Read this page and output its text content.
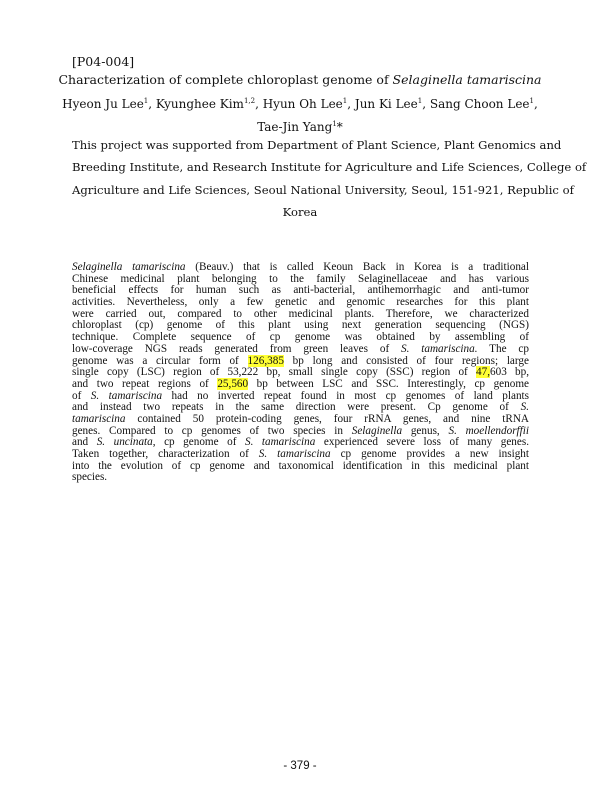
[P04-004]
Characterization of complete chloroplast genome of Selaginella tamariscina
Hyeon Ju Lee$^1$, Kyunghee Kim$^{1,2}$, Hyun Oh Lee$^1$, Jun Ki Lee$^1$, Sang Choon Lee$^1$,
Tae-Jin Yang$^1$*
This project was supported from Department of Plant Science, Plant Genomics and
Breeding Institute, and Research Institute for Agriculture and Life Sciences, College of
Agriculture and Life Sciences, Seoul National University, Seoul, 151-921, Republic of
Korea
Selaginella tamariscina (Beauv.) that is called Keoun Back in Korea is a traditional
Chinese medicinal plant belonging to the family Selaginellaceae and has various
beneficial effects for human such as anti-bacterial, antihemorrhagic and anti-tumor
activities. Nevertheless, only a few genetic and genomic researches for this plant
were carried out, compared to other medicinal plants. Therefore, we characterized
chloroplast (cp) genome of this plant using next generation sequencing (NGS)
technique. Complete sequence of cp genome was obtained by assembling of
low-coverage NGS reads generated from green leaves of S. tamariscina. The cp
genome was a circular form of 126,385 bp long and consisted of four regions; large
single copy (LSC) region of 53,222 bp, small single copy (SSC) region of 47,603 bp,
and two repeat regions of 25,560 bp between LSC and SSC. Interestingly, cp genome
of S. tamariscina had no inverted repeat found in most cp genomes of land plants
and instead two repeats in the same direction were present. Cp genome of S.
tamariscina contained 50 protein-coding genes, four rRNA genes, and nine tRNA
genes. Compared to cp genomes of two species in Selaginella genus, S. moellendorffii
and S. uncinata, cp genome of S. tamariscina experienced severe loss of many genes.
Taken together, characterization of S. tamariscina cp genome provides a new insight
into the evolution of cp genome and taxonomical identification in this medicinal plant
species.
- 379 -
